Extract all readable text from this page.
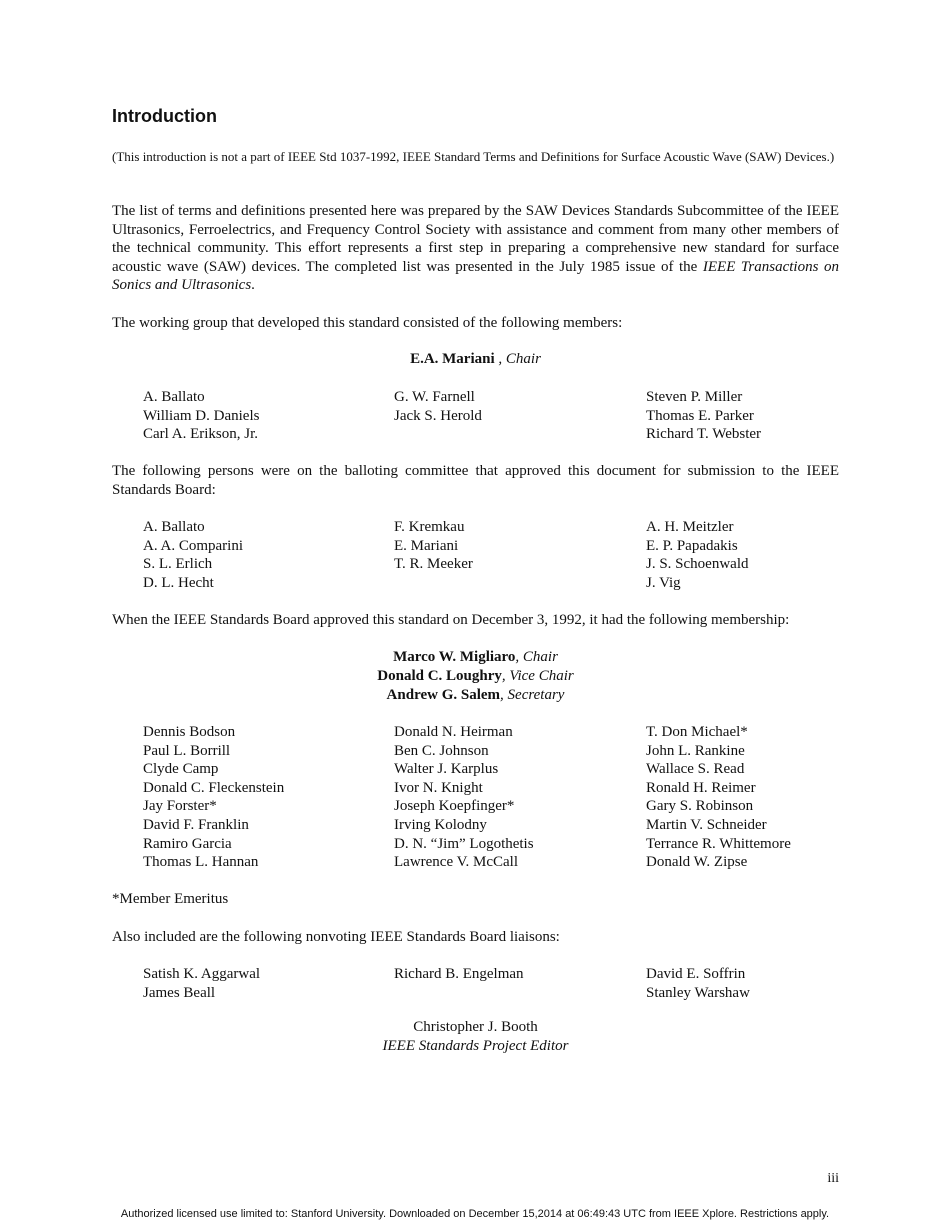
Introduction
(This introduction is not a part of IEEE Std 1037-1992, IEEE Standard Terms and Definitions for Surface Acoustic Wave (SAW) Devices.)
The list of terms and definitions presented here was prepared by the SAW Devices Standards Subcommittee of the IEEE Ultrasonics, Ferroelectrics, and Frequency Control Society with assistance and comment from many other members of the technical community. This effort represents a first step in preparing a comprehensive new standard for surface acoustic wave (SAW) devices. The completed list was presented in the July 1985 issue of the IEEE Transactions on Sonics and Ultrasonics.
The working group that developed this standard consisted of the following members:
E.A. Mariani , Chair
A. Ballato
William D. Daniels
Carl A. Erikson, Jr.
G. W. Farnell
Jack S. Herold
Steven P. Miller
Thomas E. Parker
Richard T. Webster
The following persons were on the balloting committee that approved this document for submission to the IEEE Standards Board:
A. Ballato
A. A. Comparini
S. L. Erlich
D. L. Hecht
F. Kremkau
E. Mariani
T. R. Meeker
A. H. Meitzler
E. P. Papadakis
J. S. Schoenwald
J. Vig
When the IEEE Standards Board approved this standard on December 3, 1992, it had the following membership:
Marco W. Migliaro, Chair
Donald C. Loughry, Vice Chair
Andrew G. Salem, Secretary
Dennis Bodson
Paul L. Borrill
Clyde Camp
Donald C. Fleckenstein
Jay Forster*
David F. Franklin
Ramiro Garcia
Thomas L. Hannan
Donald N. Heirman
Ben C. Johnson
Walter J. Karplus
Ivor N. Knight
Joseph Koepfinger*
Irving Kolodny
D. N. “Jim” Logothetis
Lawrence V. McCall
T. Don Michael*
John L. Rankine
Wallace S. Read
Ronald H. Reimer
Gary S. Robinson
Martin V. Schneider
Terrance R. Whittemore
Donald W. Zipse
*Member Emeritus
Also included are the following nonvoting IEEE Standards Board liaisons:
Satish K. Aggarwal
James Beall
Richard B. Engelman	David E. Soffrin
Stanley Warshaw
Christopher J. Booth
IEEE Standards Project Editor
iii
Authorized licensed use limited to: Stanford University. Downloaded on December 15,2014 at 06:49:43 UTC from IEEE Xplore. Restrictions apply.
